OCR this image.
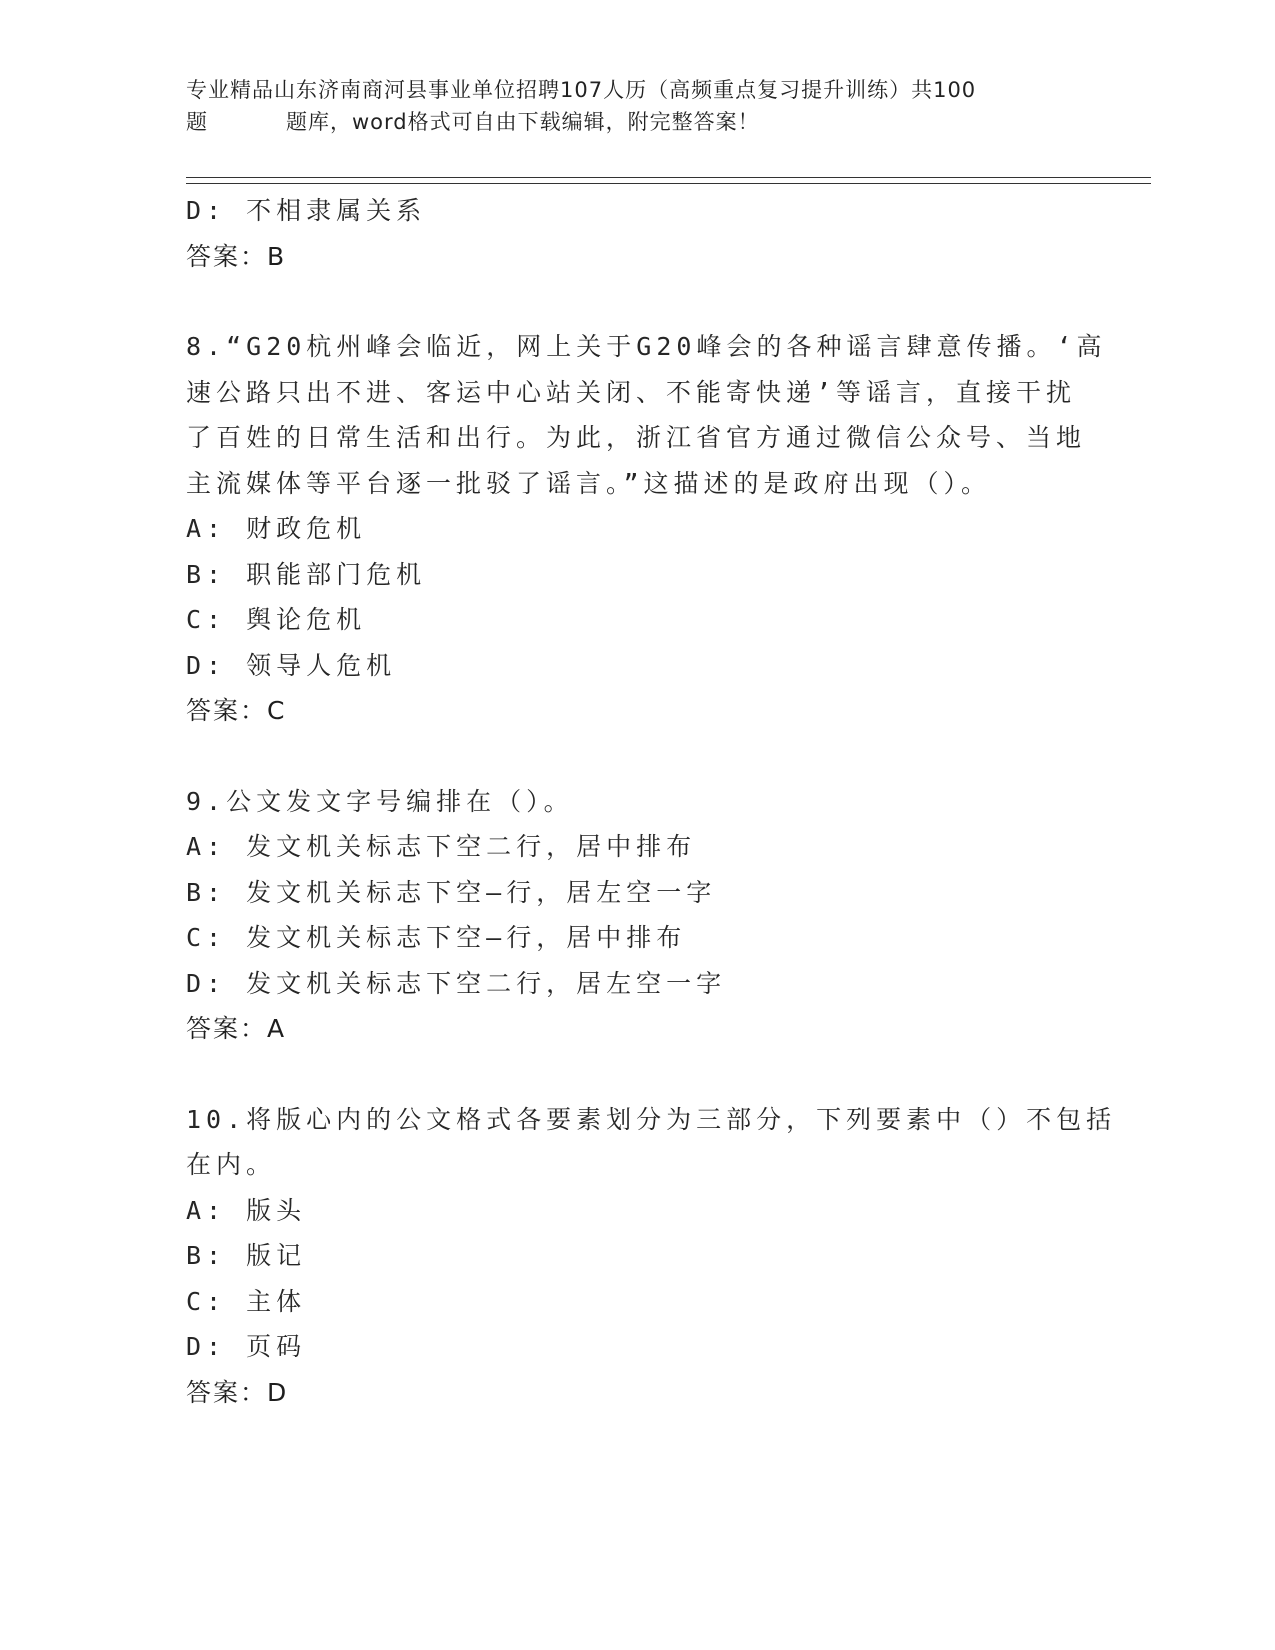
专业精品山东济南商河县事业单位招聘107人历（高频重点复习提升训练）共100
题	题库，word格式可自由下载编辑，附完整答案！
D: 不相隶属关系
答案：B
8.“G20杭州峰会临近，网上关于G20峰会的各种谣言肆意传播。‘高
速公路只出不进、客运中心站关闭、不能寄快递’等谣言，直接干扰
了百姓的日常生活和出行。为此，浙江省官方通过微信公众号、当地
主流媒体等平台逐一批驳了谣言。”这描述的是政府出现（）。
A: 财政危机
B: 职能部门危机
C: 舆论危机
D: 领导人危机
答案：C
9.公文发文字号编排在（）。
A: 发文机关标志下空二行，居中排布
B: 发文机关标志下空—行，居左空一字
C: 发文机关标志下空—行，居中排布
D: 发文机关标志下空二行，居左空一字
答案：A
10.将版心内的公文格式各要素划分为三部分，下列要素中（）不包括
在内。
A: 版头
B: 版记
C: 主体
D: 页码
答案：D
